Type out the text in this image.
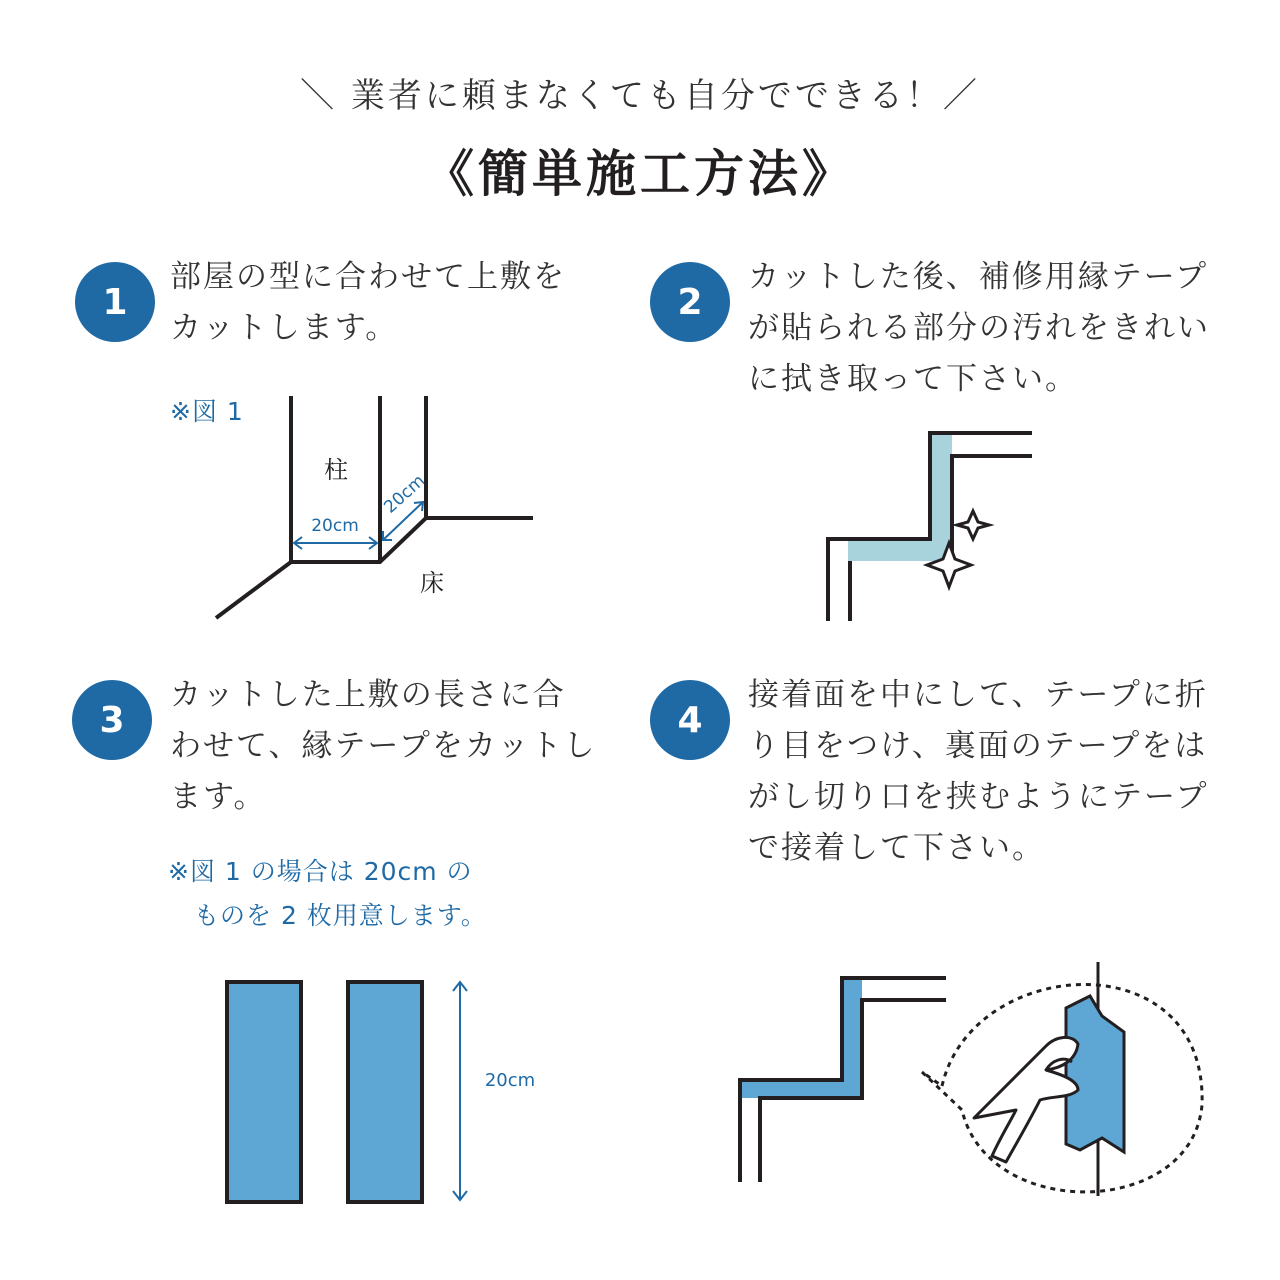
＼ 業者に頼まなくても自分でできる！／
《簡単施工方法》
1
部屋の型に合わせて上敷を
カットします。
※図 1
柱
床
20cm
20cm
2
カットした後、補修用縁テープ
が貼られる部分の汚れをきれい
に拭き取って下さい。
3
カットした上敷の長さに合
わせて、縁テープをカットし
ます。
※図 1 の場合は 20cm の
　ものを 2 枚用意します。
20cm
4
接着面を中にして、テープに折
り目をつけ、裏面のテープをは
がし切り口を挟むようにテープ
で接着して下さい。
